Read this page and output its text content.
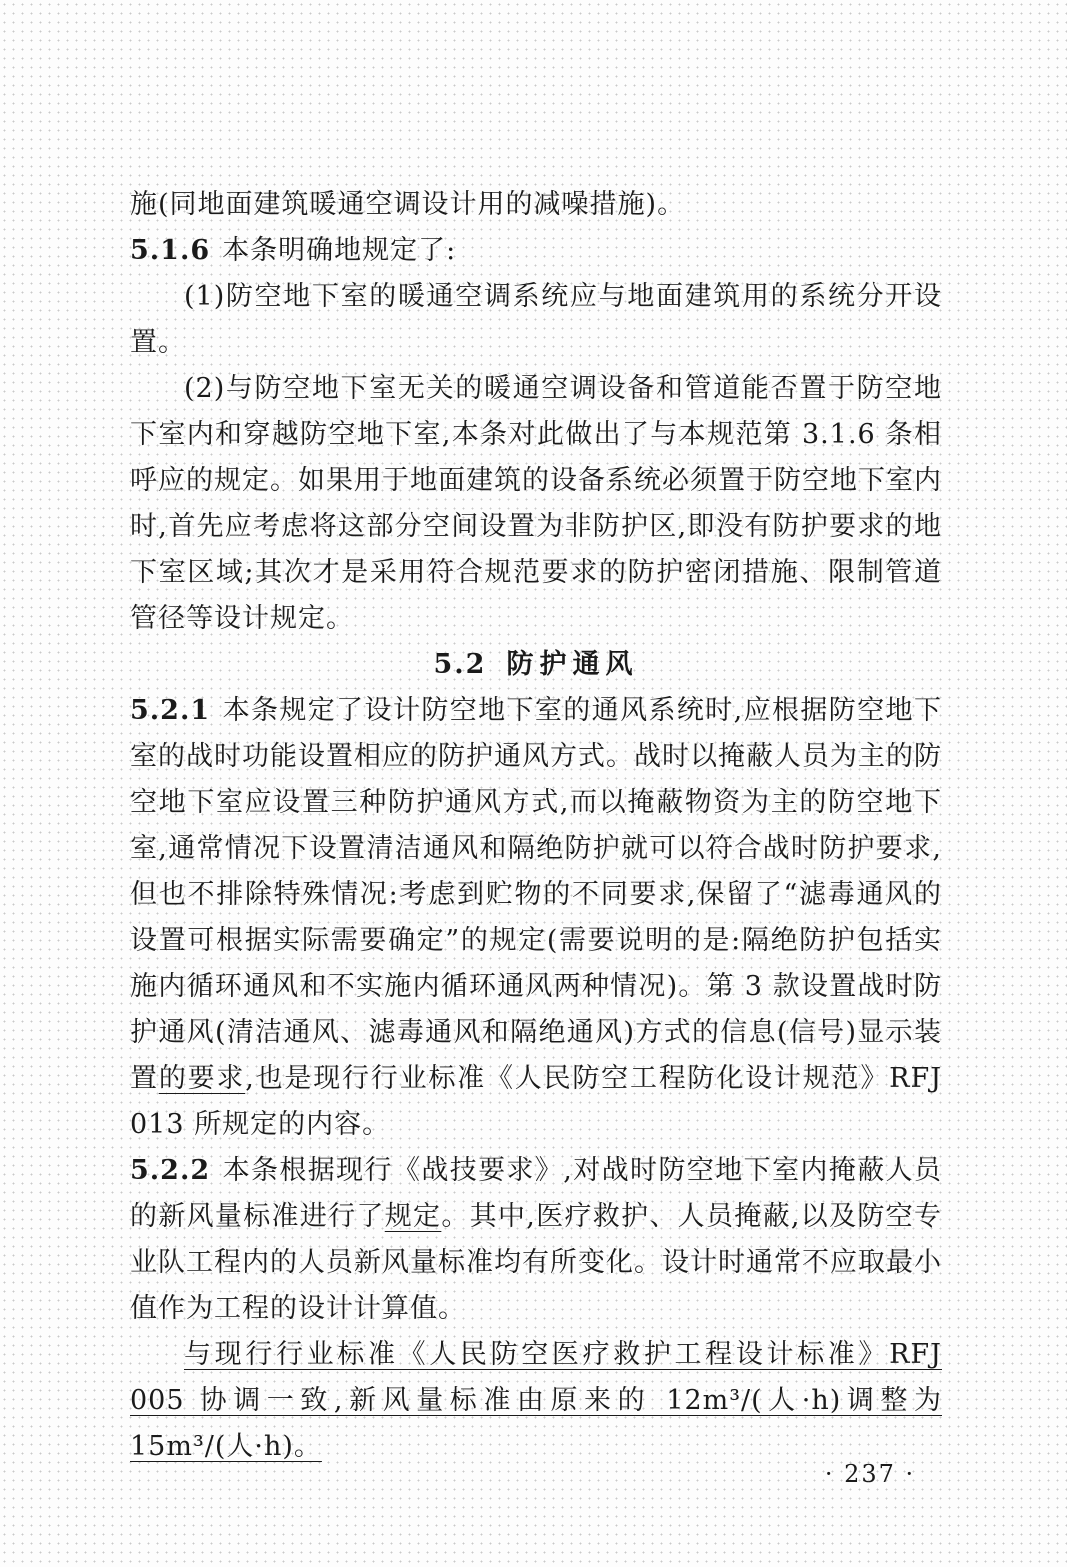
施(同地面建筑暖通空调设计用的减噪措施)。

5.1.6 本条明确地规定了:

(1)防空地下室的暖通空调系统应与地面建筑用的系统分开设置。

(2)与防空地下室无关的暖通空调设备和管道能否置于防空地下室内和穿越防空地下室,本条对此做出了与本规范第 3.1.6 条相呼应的规定。如果用于地面建筑的设备系统必须置于防空地下室内时,首先应考虑将这部分空间设置为非防护区,即没有防护要求的地下室区域;其次才是采用符合规范要求的防护密闭措施、限制管道管径等设计规定。

5.2 防护通风

5.2.1 本条规定了设计防空地下室的通风系统时,应根据防空地下室的战时功能设置相应的防护通风方式。战时以掩蔽人员为主的防空地下室应设置三种防护通风方式,而以掩蔽物资为主的防空地下室,通常情况下设置清洁通风和隔绝防护就可以符合战时防护要求,但也不排除特殊情况:考虑到贮物的不同要求,保留了“滤毒通风的设置可根据实际需要确定”的规定(需要说明的是:隔绝防护包括实施内循环通风和不实施内循环通风两种情况)。第 3 款设置战时防护通风(清洁通风、滤毒通风和隔绝通风)方式的信息(信号)显示装置的要求,也是现行行业标准《人民防空工程防化设计规范》RFJ 013 所规定的内容。

5.2.2 本条根据现行《战技要求》,对战时防空地下室内掩蔽人员的新风量标准进行了规定。其中,医疗救护、人员掩蔽,以及防空专业队工程内的人员新风量标准均有所变化。设计时通常不应取最小值作为工程的设计计算值。

与现行行业标准《人民防空医疗救护工程设计标准》RFJ 005 协调一致,新风量标准由原来的 12m³/(人·h)调整为 15m³/(人·h)。

· 237 ·
